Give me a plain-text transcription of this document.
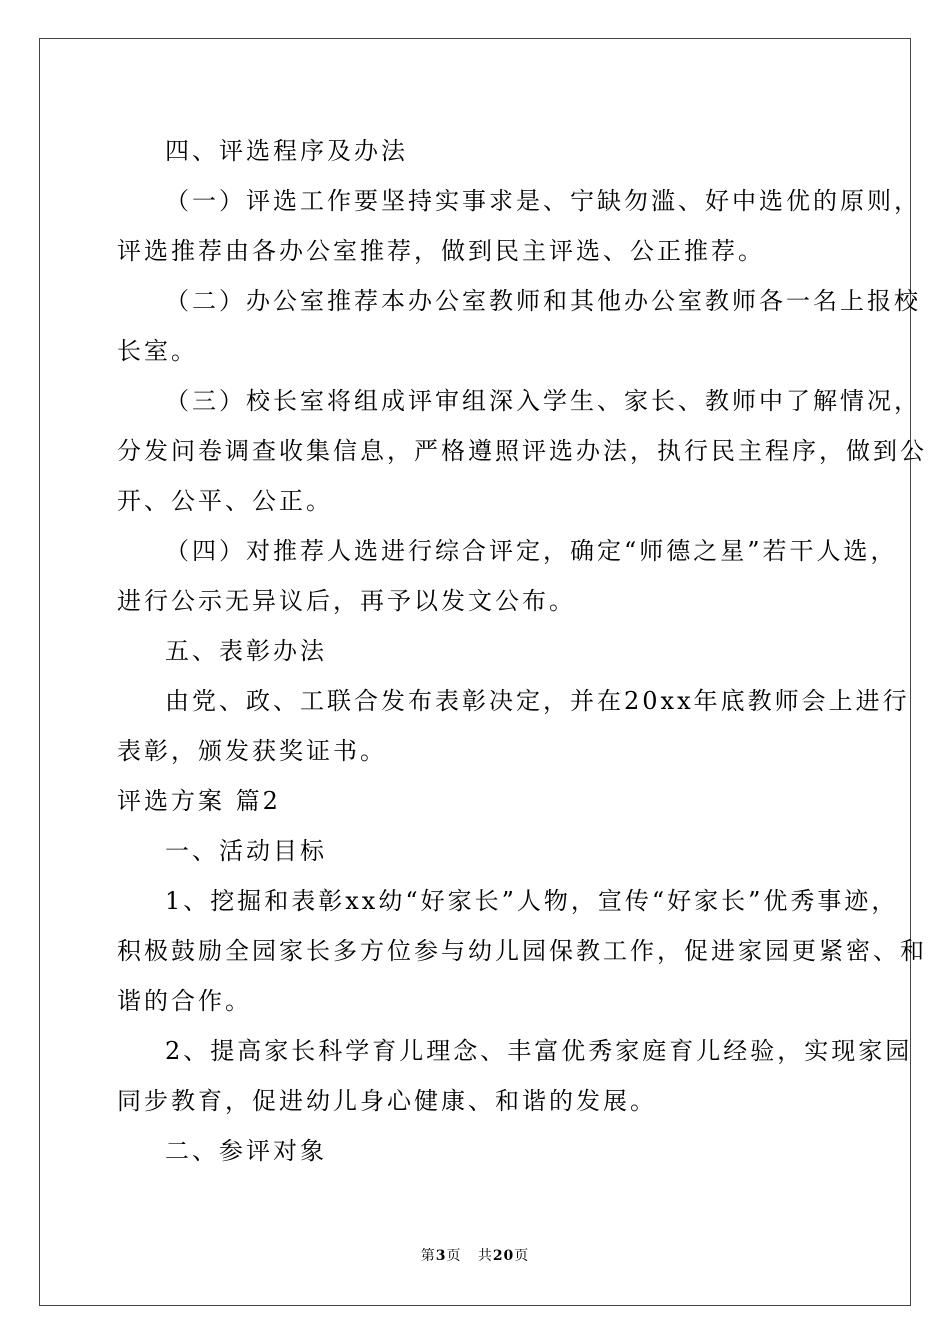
四、评选程序及办法
（一）评选工作要坚持实事求是、宁缺勿滥、好中选优的原则，
评选推荐由各办公室推荐，做到民主评选、公正推荐。
（二）办公室推荐本办公室教师和其他办公室教师各一名上报校
长室。
（三）校长室将组成评审组深入学生、家长、教师中了解情况，
分发问卷调查收集信息，严格遵照评选办法，执行民主程序，做到公
开、公平、公正。
（四）对推荐人选进行综合评定，确定“师德之星”若干人选，
进行公示无异议后，再予以发文公布。
五、表彰办法
由党、政、工联合发布表彰决定，并在20xx年底教师会上进行
表彰，颁发获奖证书。
评选方案 篇2
一、活动目标
1、挖掘和表彰xx幼“好家长”人物，宣传“好家长”优秀事迹，
积极鼓励全园家长多方位参与幼儿园保教工作，促进家园更紧密、和
谐的合作。
2、提高家长科学育儿理念、丰富优秀家庭育儿经验，实现家园
同步教育，促进幼儿身心健康、和谐的发展。
二、参评对象
第3页 共20页
